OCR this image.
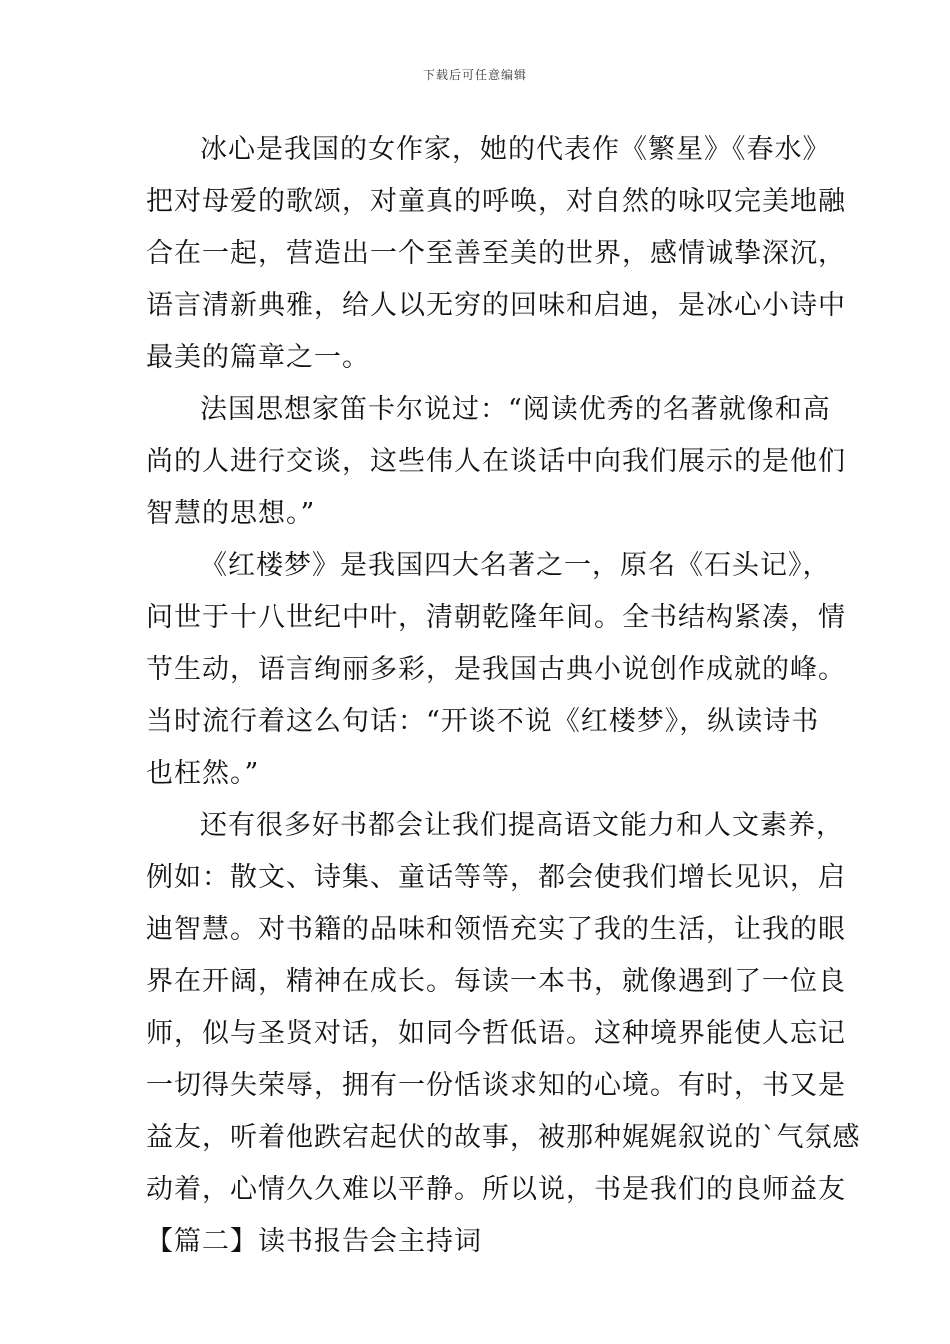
下载后可任意编辑
冰心是我国的女作家，她的代表作《繁星》《春水》
把对母爱的歌颂，对童真的呼唤，对自然的咏叹完美地融
合在一起，营造出一个至善至美的世界，感情诚挚深沉，
语言清新典雅，给人以无穷的回味和启迪，是冰心小诗中
最美的篇章之一。
法国思想家笛卡尔说过：“阅读优秀的名著就像和高
尚的人进行交谈，这些伟人在谈话中向我们展示的是他们
智慧的思想。”
《红楼梦》是我国四大名著之一，原名《石头记》，
问世于十八世纪中叶，清朝乾隆年间。全书结构紧凑，情
节生动，语言绚丽多彩，是我国古典小说创作成就的峰。
当时流行着这么句话：“开谈不说《红楼梦》，纵读诗书
也枉然。”
还有很多好书都会让我们提高语文能力和人文素养，
例如：散文、诗集、童话等等，都会使我们增长见识，启
迪智慧。对书籍的品味和领悟充实了我的生活，让我的眼
界在开阔，精神在成长。每读一本书，就像遇到了一位良
师，似与圣贤对话，如同今哲低语。这种境界能使人忘记
一切得失荣辱，拥有一份恬谈求知的心境。有时，书又是
益友，听着他跌宕起伏的故事，被那种娓娓叙说的`气氛感
动着，心情久久难以平静。所以说，书是我们的良师益友
【篇二】读书报告会主持词
